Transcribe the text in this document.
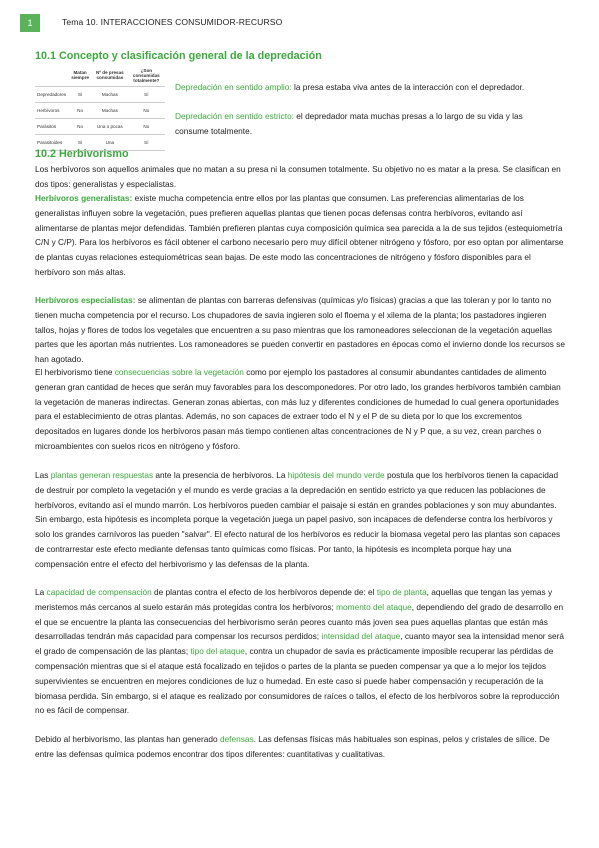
1	Tema 10. INTERACCIONES CONSUMIDOR-RECURSO
10.1 Concepto y clasificación general de la depredación
	Matan siempre	Nº de presas consumidas	¿Son consumidas totalmente?
Depredadores	Sí	Muchas	Sí
Herbívoros	No	Muchas	No
Parásitos	No	Una o pocas	No
Parasitoides	Sí	Una	Sí
Depredación en sentido amplio: la presa estaba viva antes de la interacción con el depredador.
Depredación en sentido estricto: el depredador mata muchas presas a lo largo de su vida y las consume totalmente.
10.2 Herbivorismo
Los herbívoros son aquellos animales que no matan a su presa ni la consumen totalmente. Su objetivo no es matar a la presa. Se clasifican en dos tipos: generalistas y especialistas.
Herbívoros generalistas: existe mucha competencia entre ellos por las plantas que consumen. Las preferencias alimentarias de los generalistas influyen sobre la vegetación, pues prefieren aquellas plantas que tienen pocas defensas contra herbívoros, evitando así alimentarse de plantas mejor defendidas. También prefieren plantas cuya composición química sea parecida a la de sus tejidos (estequiometría C/N y C/P). Para los herbívoros es fácil obtener el carbono necesario pero muy difícil obtener nitrógeno y fósforo, por eso optan por alimentarse de plantas cuyas relaciones estequiométricas sean bajas. De este modo las concentraciones de nitrógeno y fósforo disponibles para el herbívoro son más altas.
Herbívoros especialistas: se alimentan de plantas con barreras defensivas (químicas y/o físicas) gracias a que las toleran y por lo tanto no tienen mucha competencia por el recurso. Los chupadores de savia ingieren solo el floema y el xilema de la planta; los pastadores ingieren tallos, hojas y flores de todos los vegetales que encuentren a su paso mientras que los ramoneadores seleccionan de la vegetación aquellas partes que les aportan más nutrientes. Los ramoneadores se pueden convertir en pastadores en épocas como el invierno donde los recursos se han agotado.
El herbivorismo tiene consecuencias sobre la vegetación como por ejemplo los pastadores al consumir abundantes cantidades de alimento generan gran cantidad de heces que serán muy favorables para los descomponedores. Por otro lado, los grandes herbívoros también cambian la vegetación de maneras indirectas. Generan zonas abiertas, con más luz y diferentes condiciones de humedad lo cual genera oportunidades para el establecimiento de otras plantas. Además, no son capaces de extraer todo el N y el P de su dieta por lo que los excrementos depositados en lugares donde los herbívoros pasan más tiempo contienen altas concentraciones de N y P que, a su vez, crean parches o microambientes con suelos ricos en nitrógeno y fósforo.
Las plantas generan respuestas ante la presencia de herbívoros. La hipótesis del mundo verde postula que los herbívoros tienen la capacidad de destruir por completo la vegetación y el mundo es verde gracias a la depredación en sentido estricto ya que reducen las poblaciones de herbívoros, evitando así el mundo marrón. Los herbívoros pueden cambiar el paisaje si están en grandes poblaciones y son muy abundantes. Sin embargo, esta hipótesis es incompleta porque la vegetación juega un papel pasivo, son incapaces de defenderse contra los herbívoros y solo los grandes carnívoros las pueden "salvar". El efecto natural de los herbívoros es reducir la biomasa vegetal pero las plantas son capaces de contrarrestar este efecto mediante defensas tanto químicas como físicas. Por tanto, la hipótesis es incompleta porque hay una compensación entre el efecto del herbivorismo y las defensas de la planta.
La capacidad de compensación de plantas contra el efecto de los herbívoros depende de: el tipo de planta, aquellas que tengan las yemas y meristemos más cercanos al suelo estarán más protegidas contra los herbívoros; momento del ataque, dependiendo del grado de desarrollo en el que se encuentre la planta las consecuencias del herbivorismo serán peores cuanto más joven sea pues aquellas plantas que están más desarrolladas tendrán más capacidad para compensar los recursos perdidos; intensidad del ataque, cuanto mayor sea la intensidad menor será el grado de compensación de las plantas; tipo del ataque, contra un chupador de savia es prácticamente imposible recuperar las pérdidas de compensación mientras que si el ataque está focalizado en tejidos o partes de la planta se pueden compensar ya que a lo mejor los tejidos supervivientes se encuentren en mejores condiciones de luz o humedad. En este caso si puede haber compensación y recuperación de la biomasa perdida. Sin embargo, si el ataque es realizado por consumidores de raíces o tallos, el efecto de los herbívoros sobre la reproducción no es fácil de compensar.
Debido al herbivorismo, las plantas han generado defensas. Las defensas físicas más habituales son espinas, pelos y cristales de sílice. De entre las defensas química podemos encontrar dos tipos diferentes: cuantitativas y cualitativas.
